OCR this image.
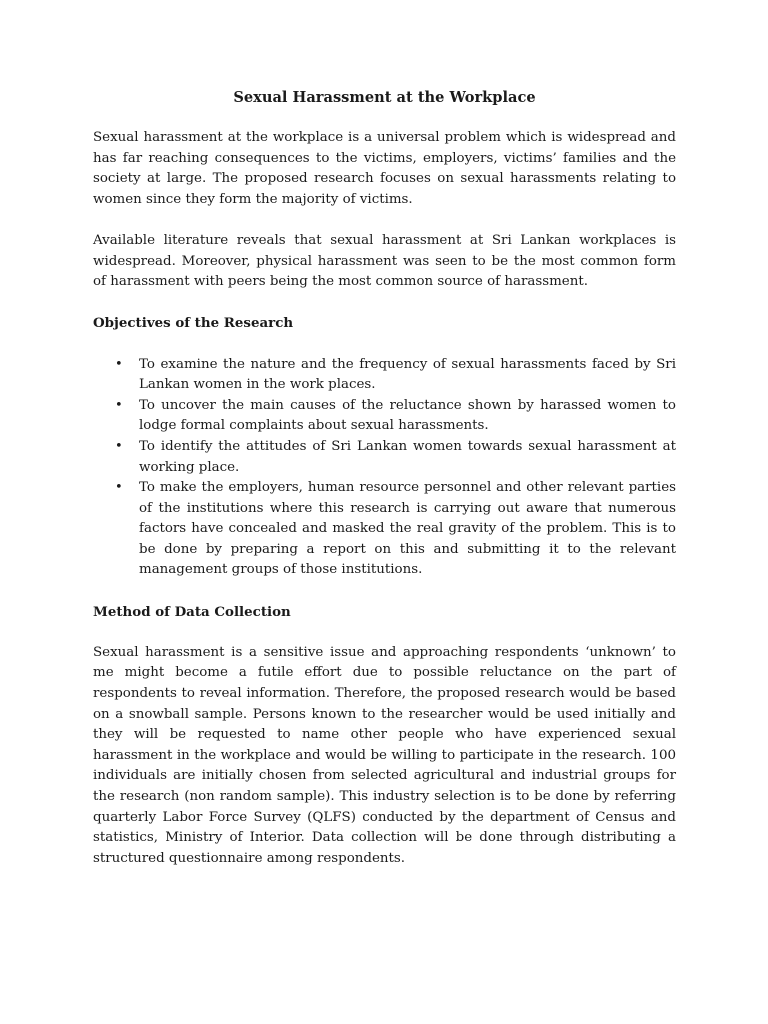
Sexual Harassment at the Workplace

Sexual harassment at the workplace is a universal problem which is widespread and has far reaching consequences to the victims, employers, victims’ families and the society at large. The proposed research focuses on sexual harassments relating to women since they form the majority of victims.

Available literature reveals that sexual harassment at Sri Lankan workplaces is widespread. Moreover, physical harassment was seen to be the most common form of harassment with peers being the most common source of harassment.

Objectives of the Research
• To examine the nature and the frequency of sexual harassments faced by Sri Lankan women in the work places.
• To uncover the main causes of the reluctance shown by harassed women to lodge formal complaints about sexual harassments.
• To identify the attitudes of Sri Lankan women towards sexual harassment at working place.
• To make the employers, human resource personnel and other relevant parties of the institutions where this research is carrying out aware that numerous factors have concealed and masked the real gravity of the problem. This is to be done by preparing a report on this and submitting it to the relevant management groups of those institutions.
Method of Data Collection

Sexual harassment is a sensitive issue and approaching respondents ‘unknown’ to me might become a futile effort due to possible reluctance on the part of respondents to reveal information. Therefore, the proposed research would be based on a snowball sample. Persons known to the researcher would be used initially and they will be requested to name other people who have experienced sexual harassment in the workplace and would be willing to participate in the research. 100 individuals are initially chosen from selected agricultural and industrial groups for the research (non random sample). This industry selection is to be done by referring quarterly Labor Force Survey (QLFS) conducted by the department of Census and statistics, Ministry of Interior. Data collection will be done through distributing a structured questionnaire among respondents.
